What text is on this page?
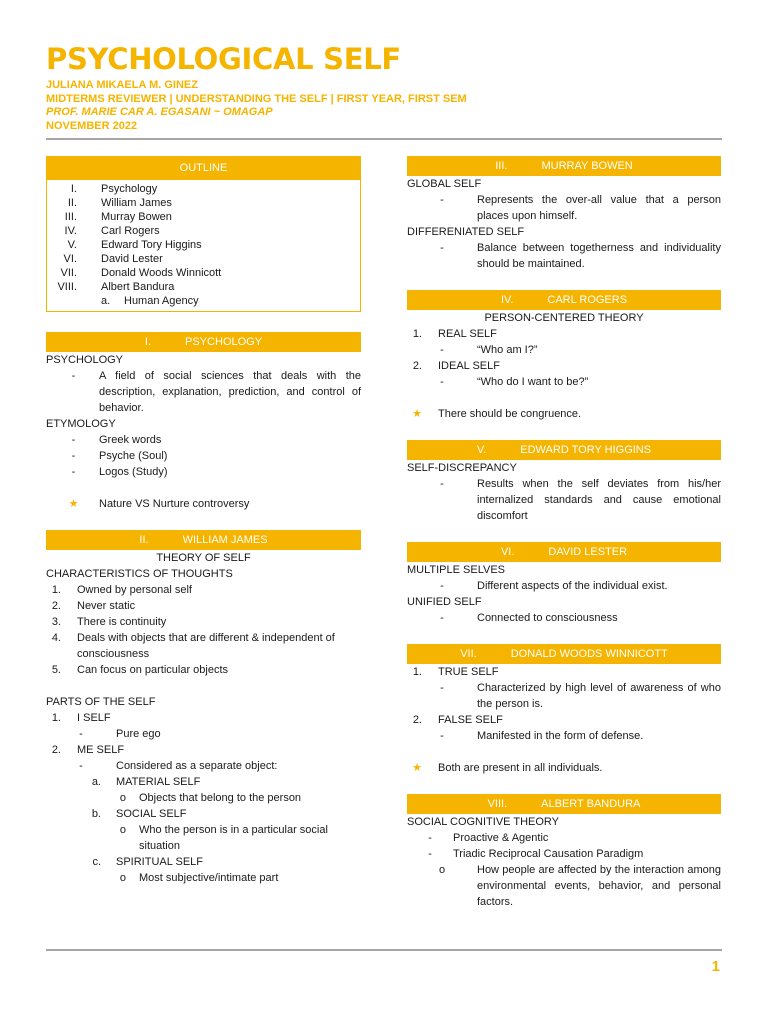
PSYCHOLOGICAL SELF
JULIANA MIKAELA M. GINEZ
MIDTERMS REVIEWER | UNDERSTANDING THE SELF | FIRST YEAR, FIRST SEM
PROF. MARIE CAR A. EGASANI ~ OMAGAP
NOVEMBER 2022
OUTLINE
I. Psychology
II. William James
III. Murray Bowen
IV. Carl Rogers
V. Edward Tory Higgins
VI. David Lester
VII. Donald Woods Winnicott
VIII. Albert Bandura
a. Human Agency
I.	PSYCHOLOGY
PSYCHOLOGY
-	A field of social sciences that deals with the description, explanation, prediction, and control of behavior.
ETYMOLOGY
-	Greek words
-	Psyche (Soul)
-	Logos (Study)
★	Nature VS Nurture controversy
II.	WILLIAM JAMES
THEORY OF SELF
CHARACTERISTICS OF THOUGHTS
1.	Owned by personal self
2.	Never static
3.	There is continuity
4.	Deals with objects that are different & independent of consciousness
5.	Can focus on particular objects
PARTS OF THE SELF
1.	I SELF
-	Pure ego
2.	ME SELF
-	Considered as a separate object:
a.	MATERIAL SELF
o	Objects that belong to the person
b.	SOCIAL SELF
o	Who the person is in a particular social situation
c.	SPIRITUAL SELF
o	Most subjective/intimate part
III.	MURRAY BOWEN
GLOBAL SELF
-	Represents the over-all value that a person places upon himself.
DIFFERENIATED SELF
-	Balance between togetherness and individuality should be maintained.
IV.	CARL ROGERS
PERSON-CENTERED THEORY
1.	REAL SELF
-	“Who am I?”
2.	IDEAL SELF
-	“Who do I want to be?”
★	There should be congruence.
V.	EDWARD TORY HIGGINS
SELF-DISCREPANCY
-	Results when the self deviates from his/her internalized standards and cause emotional discomfort
VI.	DAVID LESTER
MULTIPLE SELVES
-	Different aspects of the individual exist.
UNIFIED SELF
-	Connected to consciousness
VII.	DONALD WOODS WINNICOTT
1.	TRUE SELF
-	Characterized by high level of awareness of who the person is.
2.	FALSE SELF
-	Manifested in the form of defense.
★	Both are present in all individuals.
VIII.	ALBERT BANDURA
SOCIAL COGNITIVE THEORY
-	Proactive & Agentic
-	Triadic Reciprocal Causation Paradigm
o	How people are affected by the interaction among environmental events, behavior, and personal factors.
1
